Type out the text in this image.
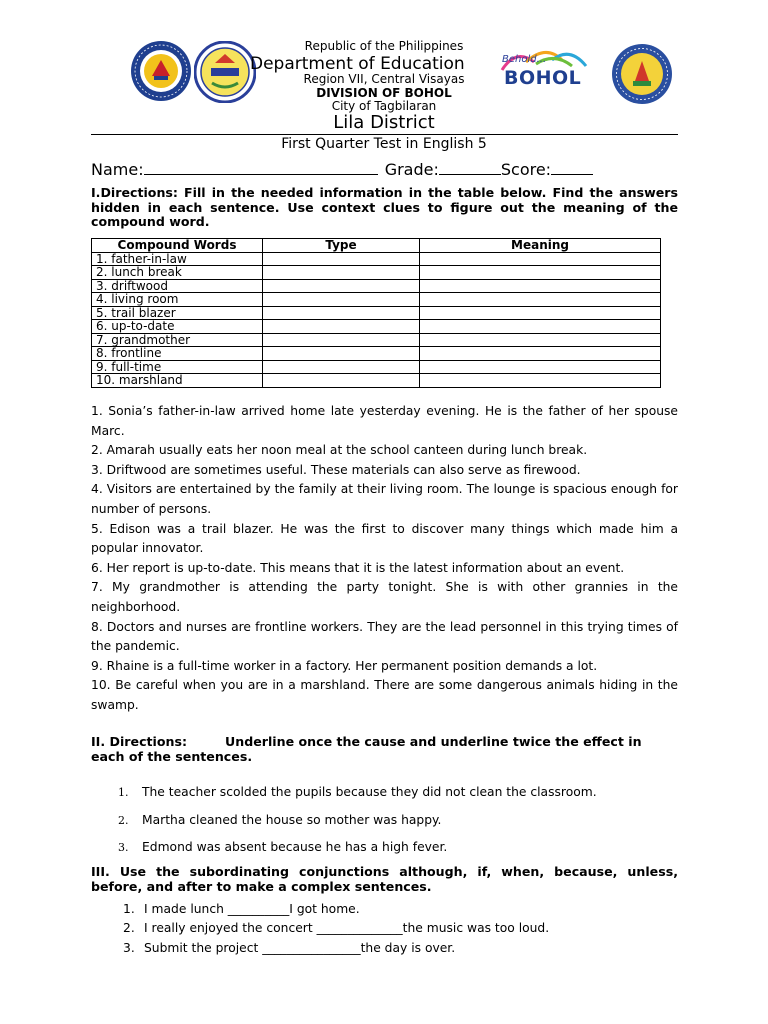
Behold...
BOHOL
Republic of the Philippines
Department of Education
Region VII, Central Visayas
DIVISION OF BOHOL
City of Tagbilaran
Lila District
First Quarter Test in English 5
Name:	Grade:	Score:
I.Directions: Fill in the needed information in the table below. Find the answers hidden in each sentence. Use context clues to figure out the meaning of the compound word.
Compound Words	Type	Meaning
1. father-in-law		
2. lunch break		
3. driftwood		
4. living room		
5. trail blazer		
6. up-to-date		
7. grandmother		
8. frontline		
9. full-time		
10. marshland		

1. Sonia’s father-in-law arrived home late yesterday evening. He is the father of her spouse Marc.

2. Amarah usually eats her noon meal at the school canteen during lunch break.

3. Driftwood are sometimes useful. These materials can also serve as firewood.

4. Visitors are entertained by the family at their living room. The lounge is spacious enough for number of persons.

5. Edison was a trail blazer. He was the first to discover many things which made him a popular innovator.

6. Her report is up-to-date. This means that it is the latest information about an event.

7. My grandmother is attending the party tonight. She is with other grannies in the neighborhood.

8. Doctors and nurses are frontline workers. They are the lead personnel in this trying times of the pandemic.

9. Rhaine is a full-time worker in a factory. Her permanent position demands a lot.

10. Be careful when you are in a marshland. There are some dangerous animals hiding in the swamp.

II. Directions:	Underline once the cause and underline twice the effect in each of the sentences.
1. The teacher scolded the pupils because they did not clean the classroom.
2. Martha cleaned the house so mother was happy.
3. Edmond was absent because he has a high fever.
III. Use the subordinating conjunctions although, if, when, because, unless, before, and after to make a complex sentences.
1. I made lunch __________I got home.
2. I really enjoyed the concert ______________the music was too loud.
3. Submit the project ________________the day is over.
